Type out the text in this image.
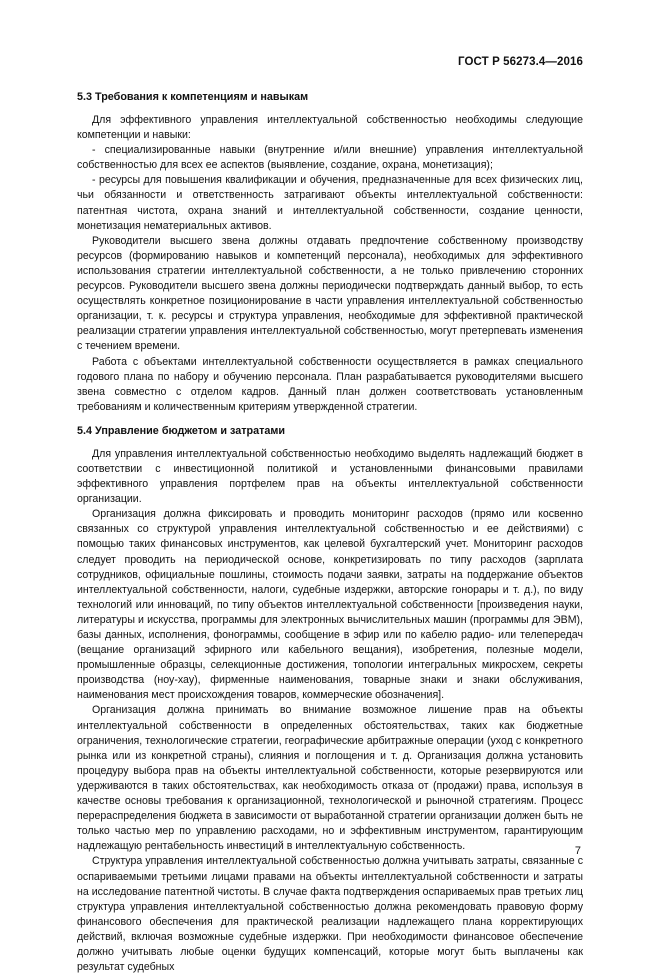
ГОСТ Р 56273.4—2016
5.3 Требования к компетенциям и навыкам

Для эффективного управления интеллектуальной собственностью необходимы следующие компетенции и навыки:

- специализированные навыки (внутренние и/или внешние) управления интеллектуальной собственностью для всех ее аспектов (выявление, создание, охрана, монетизация);

- ресурсы для повышения квалификации и обучения, предназначенные для всех физических лиц, чьи обязанности и ответственность затрагивают объекты интеллектуальной собственности: патентная чистота, охрана знаний и интеллектуальной собственности, создание ценности, монетизация нематериальных активов.

Руководители высшего звена должны отдавать предпочтение собственному производству ресурсов (формированию навыков и компетенций персонала), необходимых для эффективного использования стратегии интеллектуальной собственности, а не только привлечению сторонних ресурсов. Руководители высшего звена должны периодически подтверждать данный выбор, то есть осуществлять конкретное позиционирование в части управления интеллектуальной собственностью организации, т. к. ресурсы и структура управления, необходимые для эффективной практической реализации стратегии управления интеллектуальной собственностью, могут претерпевать изменения с течением времени.

Работа с объектами интеллектуальной собственности осуществляется в рамках специального годового плана по набору и обучению персонала. План разрабатывается руководителями высшего звена совместно с отделом кадров. Данный план должен соответствовать установленным требованиям и количественным критериям утвержденной стратегии.

5.4 Управление бюджетом и затратами

Для управления интеллектуальной собственностью необходимо выделять надлежащий бюджет в соответствии с инвестиционной политикой и установленными финансовыми правилами эффективного управления портфелем прав на объекты интеллектуальной собственности организации.

Организация должна фиксировать и проводить мониторинг расходов (прямо или косвенно связанных со структурой управления интеллектуальной собственностью и ее действиями) с помощью таких финансовых инструментов, как целевой бухгалтерский учет. Мониторинг расходов следует проводить на периодической основе, конкретизировать по типу расходов (зарплата сотрудников, официальные пошлины, стоимость подачи заявки, затраты на поддержание объектов интеллектуальной собственности, налоги, судебные издержки, авторские гонорары и т. д.), по виду технологий или инноваций, по типу объектов интеллектуальной собственности [произведения науки, литературы и искусства, программы для электронных вычислительных машин (программы для ЭВМ), базы данных, исполнения, фонограммы, сообщение в эфир или по кабелю радио- или телепередач (вещание организаций эфирного или кабельного вещания), изобретения, полезные модели, промышленные образцы, селекционные достижения, топологии интегральных микросхем, секреты производства (ноу-хау), фирменные наименования, товарные знаки и знаки обслуживания, наименования мест происхождения товаров, коммерческие обозначения].

Организация должна принимать во внимание возможное лишение прав на объекты интеллектуальной собственности в определенных обстоятельствах, таких как бюджетные ограничения, технологические стратегии, географические арбитражные операции (уход с конкретного рынка или из конкретной страны), слияния и поглощения и т. д. Организация должна установить процедуру выбора прав на объекты интеллектуальной собственности, которые резервируются или удерживаются в таких обстоятельствах, как необходимость отказа от (продажи) права, используя в качестве основы требования к организационной, технологической и рыночной стратегиям. Процесс перераспределения бюджета в зависимости от выработанной стратегии организации должен быть не только частью мер по управлению расходами, но и эффективным инструментом, гарантирующим надлежащую рентабельность инвестиций в интеллектуальную собственность.

Структура управления интеллектуальной собственностью должна учитывать затраты, связанные с оспариваемыми третьими лицами правами на объекты интеллектуальной собственности и затраты на исследование патентной чистоты. В случае факта подтверждения оспариваемых прав третьих лиц структура управления интеллектуальной собственностью должна рекомендовать правовую форму финансового обеспечения для практической реализации надлежащего плана корректирующих действий, включая возможные судебные издержки. При необходимости финансовое обеспечение должно учитывать любые оценки будущих компенсаций, которые могут быть выплачены как результат судебных

7
